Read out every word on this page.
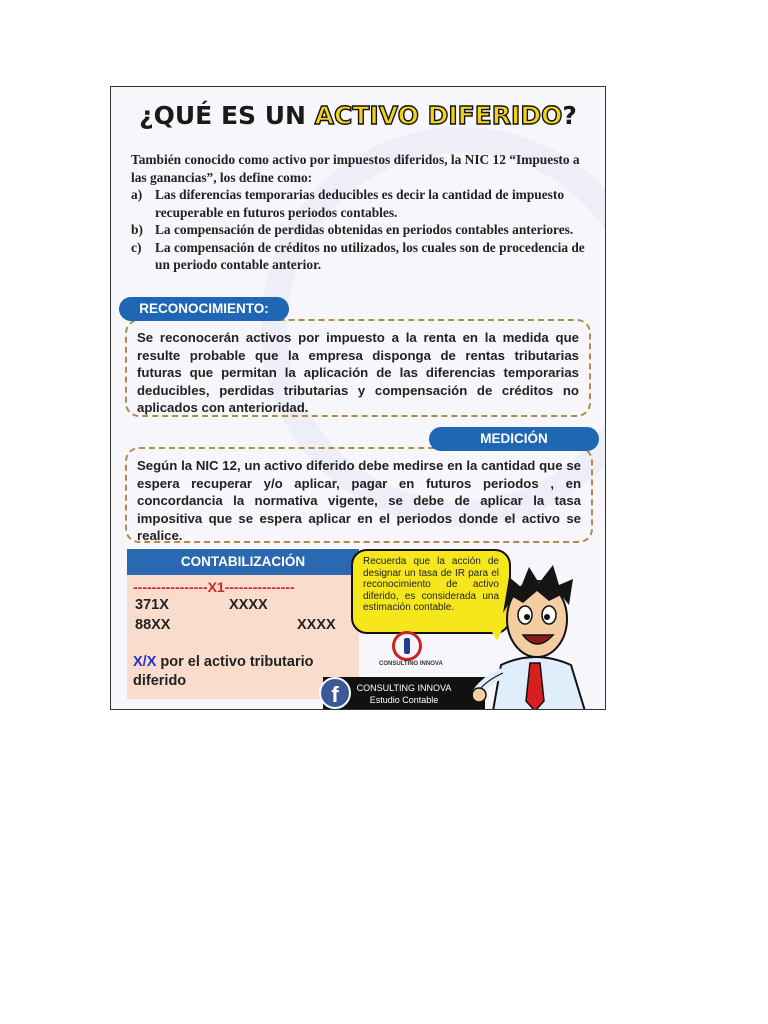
¿QUÉ ES UN ACTIVO DIFERIDO?
También conocido como activo por impuestos diferidos, la NIC 12 “Impuesto a las ganancias”, los define como:
a) Las diferencias temporarias deducibles es decir la cantidad de impuesto recuperable en futuros periodos contables.
b) La compensación de perdidas obtenidas en periodos contables anteriores.
c)	La compensación de créditos no utilizados, los cuales son de procedencia de un periodo contable anterior.
Se reconocerán activos por impuesto a la renta en la medida que resulte probable que la empresa disponga de rentas tributarias futuras que permitan la aplicación de las diferencias temporarias deducibles, perdidas tributarias y compensación de créditos no aplicados con anterioridad.
RECONOCIMIENTO:
Según la NIC 12, un activo diferido debe medirse en la cantidad que se espera recuperar y/o aplicar, pagar en futuros periodos , en concordancia la normativa vigente, se debe de aplicar la tasa impositiva que se espera aplicar en el periodos donde el activo se realice.
MEDICIÓN
CONTABILIZACIÓN
----------------X1---------------
371X	XXXX
88XX	XXXX
X/X por el activo tributario diferido
Recuerda que la acción de designar un tasa de IR para el reconocimiento de activo diferido, es considerada una estimación contable.
CONSULTING INNOVA
CONSULTING INNOVA
Estudio Contable
f
